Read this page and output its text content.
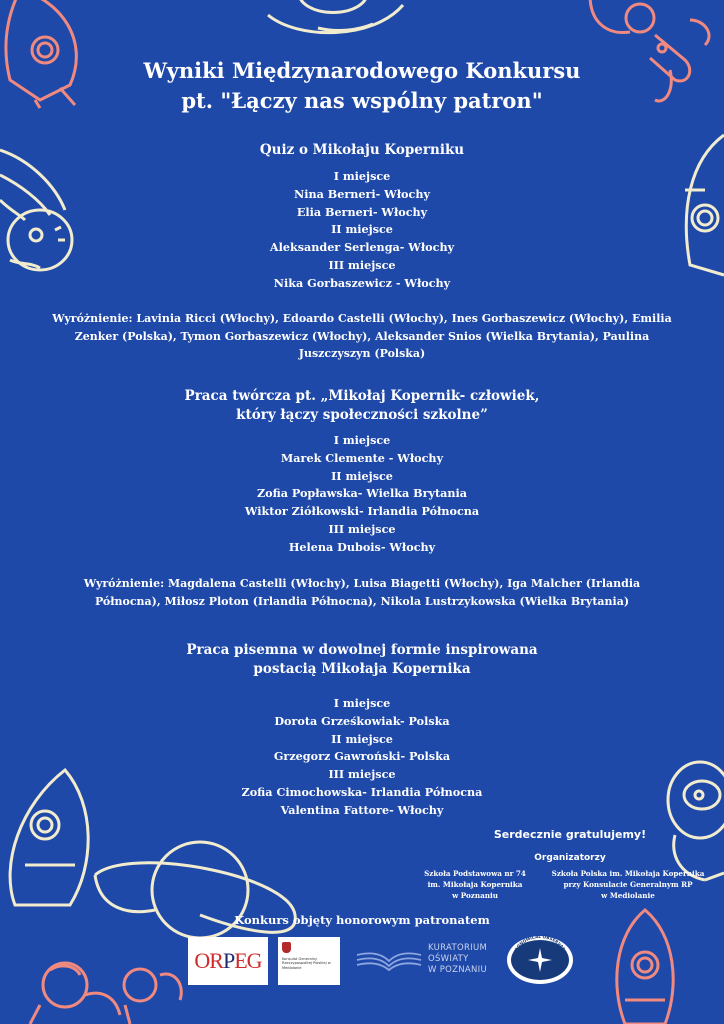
Wyniki Międzynarodowego Konkursu
pt. "Łączy nas wspólny patron"
Quiz o Mikołaju Koperniku
I miejsce
Nina Berneri- Włochy
Elia Berneri- Włochy
II miejsce
Aleksander Serlenga- Włochy
III miejsce
Nika Gorbaszewicz - Włochy
Wyróżnienie: Lavinia Ricci (Włochy), Edoardo Castelli (Włochy), Ines Gorbaszewicz (Włochy), Emilia Zenker (Polska), Tymon Gorbaszewicz (Włochy), Aleksander Snios (Wielka Brytania), Paulina Juszczyszyn (Polska)
Praca twórcza pt. „Mikołaj Kopernik- człowiek,
który łączy społeczności szkolne”
I miejsce
Marek Clemente - Włochy
II miejsce
Zofia Popławska- Wielka Brytania
Wiktor Ziółkowski- Irlandia Północna
III miejsce
Helena Dubois- Włochy
Wyróżnienie: Magdalena Castelli (Włochy), Luisa Biagetti (Włochy), Iga Malcher (Irlandia Północna), Miłosz Ploton (Irlandia Północna), Nikola Lustrzykowska (Wielka Brytania)
Praca pisemna w dowolnej formie inspirowana
postacią Mikołaja Kopernika
I miejsce
Dorota Grześkowiak- Polska
II miejsce
Grzegorz Gawroński- Polska
III miejsce
Zofia Cimochowska- Irlandia Północna
Valentina Fattore- Włochy
Serdecznie gratulujemy!
Organizatorzy
Szkoła Podstawowa nr 74
im. Mikołaja Kopernika
w Poznaniu
Szkoła Polska im. Mikołaja Kopernika
przy Konsulacie Generalnym RP
w Mediolanie
Konkurs objęty honorowym patronatem
ORPEG	Konsulat Generalny Rzeczypospolitej Polskiej w Mediolanie
KURATORIUM
OŚWIATY
W POZNANIU
ASTRONOMICAL OBSERVATORY
dam Mickiewicz University POZNA
